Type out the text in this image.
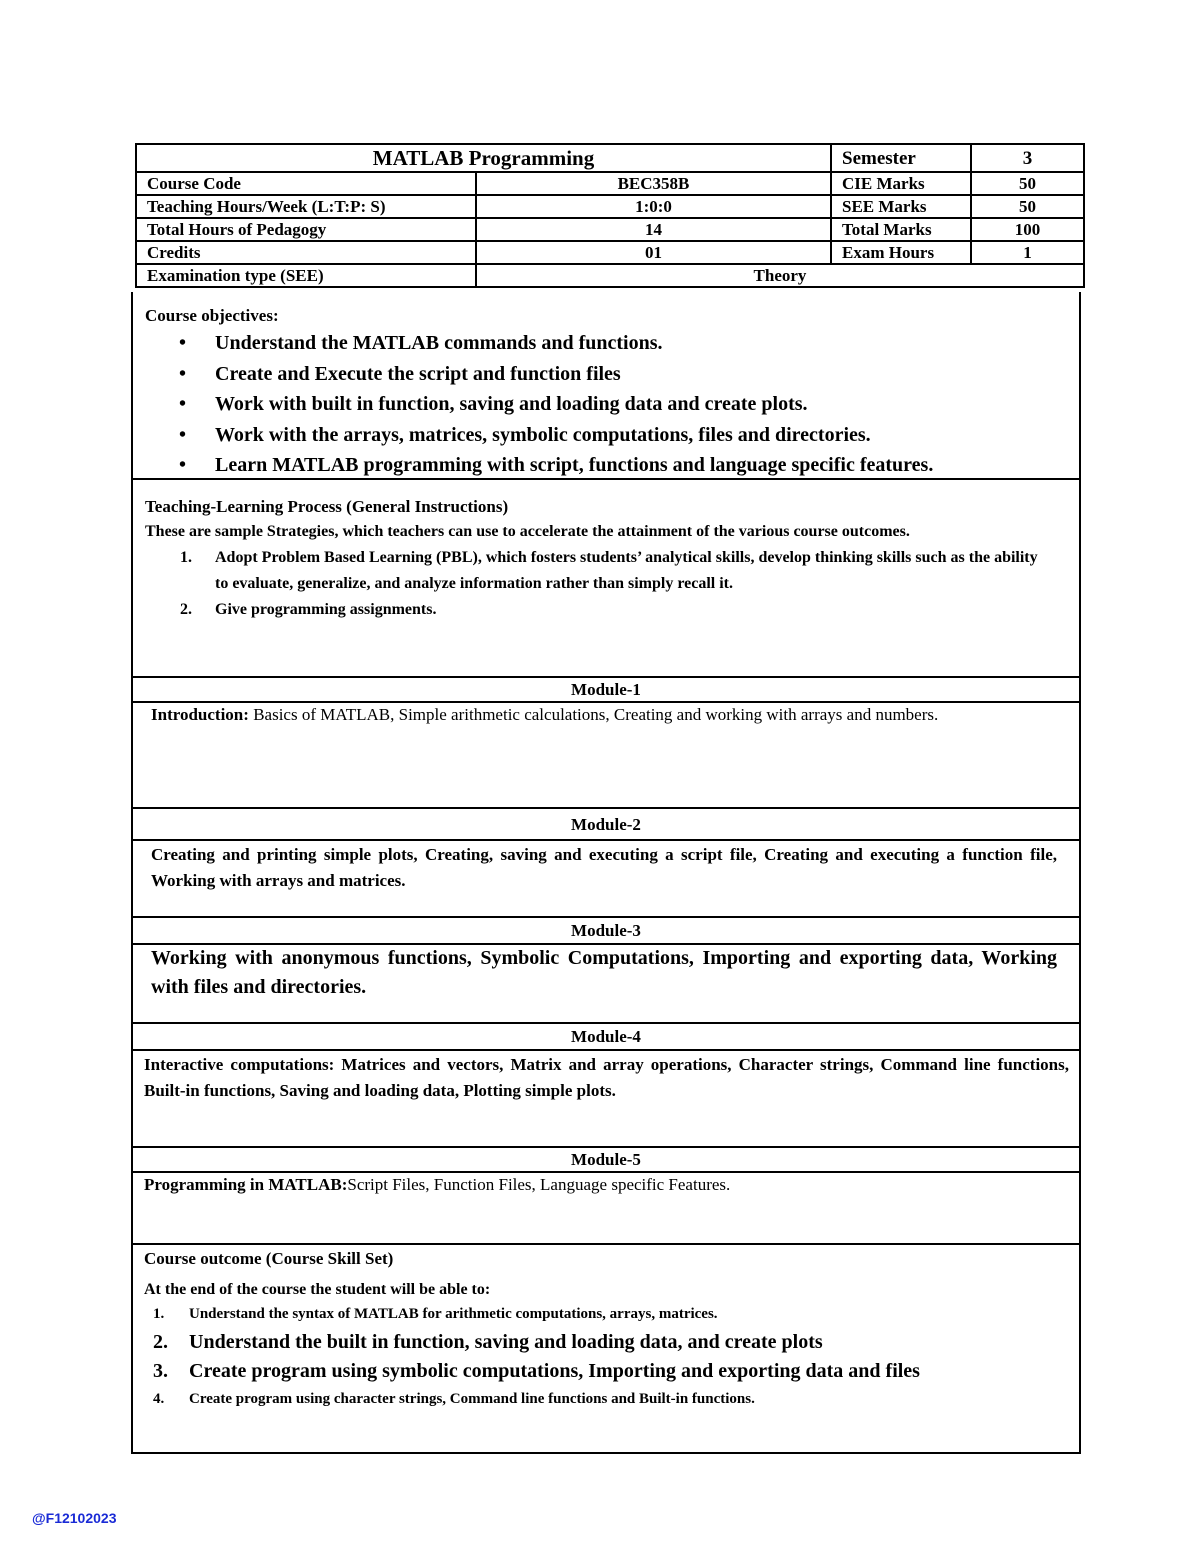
MATLAB Programming		Semester	3
Course Code	BEC358B	CIE Marks	50
Teaching Hours/Week (L:T:P: S)	1:0:0	SEE Marks	50
Total Hours of Pedagogy	14	Total Marks	100
Credits	01	Exam Hours	1
Examination type (SEE)	Theory		
Course objectives:
• Understand the MATLAB commands and functions.
• Create and Execute the script and function files
• Work with built in function, saving and loading data and create plots.
• Work with the arrays, matrices, symbolic computations, files and directories.
• Learn MATLAB programming with script, functions and language specific features.
Teaching-Learning Process (General Instructions)
These are sample Strategies, which teachers can use to accelerate the attainment of the various course outcomes.
1. Adopt Problem Based Learning (PBL), which fosters students’ analytical skills, develop thinking skills such as the ability to evaluate, generalize, and analyze information rather than simply recall it.
2. Give programming assignments.
Module-1
Introduction: Basics of MATLAB, Simple arithmetic calculations, Creating and working with arrays and numbers.
Module-2
Creating and printing simple plots, Creating, saving and executing a script file, Creating and executing a function file, Working with arrays and matrices.
Module-3
Working with anonymous functions, Symbolic Computations, Importing and exporting data, Working with files and directories.
Module-4
Interactive computations: Matrices and vectors, Matrix and array operations, Character strings, Command line functions, Built-in functions, Saving and loading data, Plotting simple plots.
Module-5
Programming in MATLAB:Script Files, Function Files, Language specific Features.
Course outcome (Course Skill Set)
At the end of the course the student will be able to:
1. Understand the syntax of MATLAB for arithmetic computations, arrays, matrices.
2. Understand the built in function, saving and loading data, and create plots
3. Create program using symbolic computations, Importing and exporting data and files
4. Create program using character strings, Command line functions and Built-in functions.
@F12102023
